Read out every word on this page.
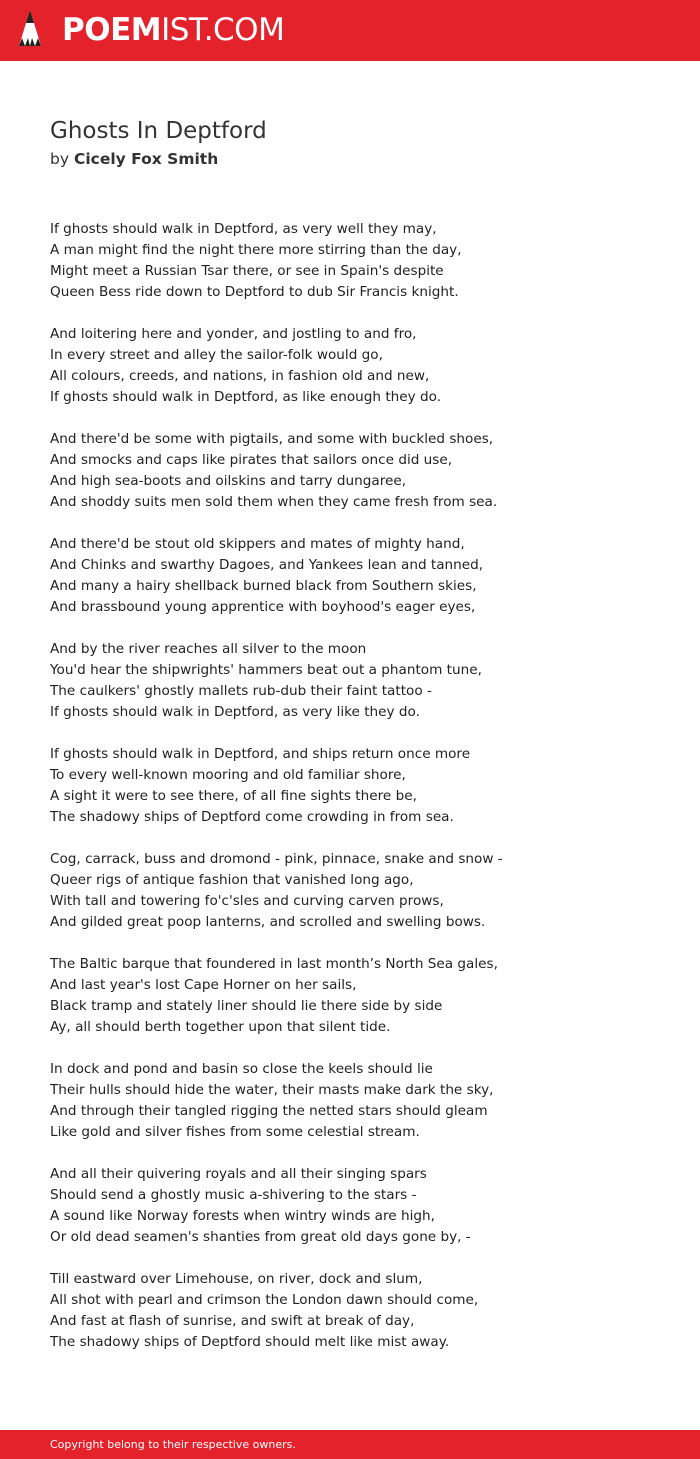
POEMIST.COM
Ghosts In Deptford
by Cicely Fox Smith
If ghosts should walk in Deptford, as very well they may,
A man might find the night there more stirring than the day,
Might meet a Russian Tsar there, or see in Spain's despite
Queen Bess ride down to Deptford to dub Sir Francis knight.
And loitering here and yonder, and jostling to and fro,
In every street and alley the sailor-folk would go,
All colours, creeds, and nations, in fashion old and new,
If ghosts should walk in Deptford, as like enough they do.
And there'd be some with pigtails, and some with buckled shoes,
And smocks and caps like pirates that sailors once did use,
And high sea-boots and oilskins and tarry dungaree,
And shoddy suits men sold them when they came fresh from sea.
And there'd be stout old skippers and mates of mighty hand,
And Chinks and swarthy Dagoes, and Yankees lean and tanned,
And many a hairy shellback burned black from Southern skies,
And brassbound young apprentice with boyhood's eager eyes,
And by the river reaches all silver to the moon
You'd hear the shipwrights' hammers beat out a phantom tune,
The caulkers' ghostly mallets rub-dub their faint tattoo -
If ghosts should walk in Deptford, as very like they do.
If ghosts should walk in Deptford, and ships return once more
To every well-known mooring and old familiar shore,
A sight it were to see there, of all fine sights there be,
The shadowy ships of Deptford come crowding in from sea.
Cog, carrack, buss and dromond - pink, pinnace, snake and snow -
Queer rigs of antique fashion that vanished long ago,
With tall and towering fo'c'sles and curving carven prows,
And gilded great poop lanterns, and scrolled and swelling bows.
The Baltic barque that foundered in last month’s North Sea gales,
And last year's lost Cape Horner on her sails,
Black tramp and stately liner should lie there side by side
Ay, all should berth together upon that silent tide.
In dock and pond and basin so close the keels should lie
Their hulls should hide the water, their masts make dark the sky,
And through their tangled rigging the netted stars should gleam
Like gold and silver fishes from some celestial stream.
And all their quivering royals and all their singing spars
Should send a ghostly music a-shivering to the stars -
A sound like Norway forests when wintry winds are high,
Or old dead seamen's shanties from great old days gone by, -
Till eastward over Limehouse, on river, dock and slum,
All shot with pearl and crimson the London dawn should come,
And fast at flash of sunrise, and swift at break of day,
The shadowy ships of Deptford should melt like mist away.
Copyright belong to their respective owners.
